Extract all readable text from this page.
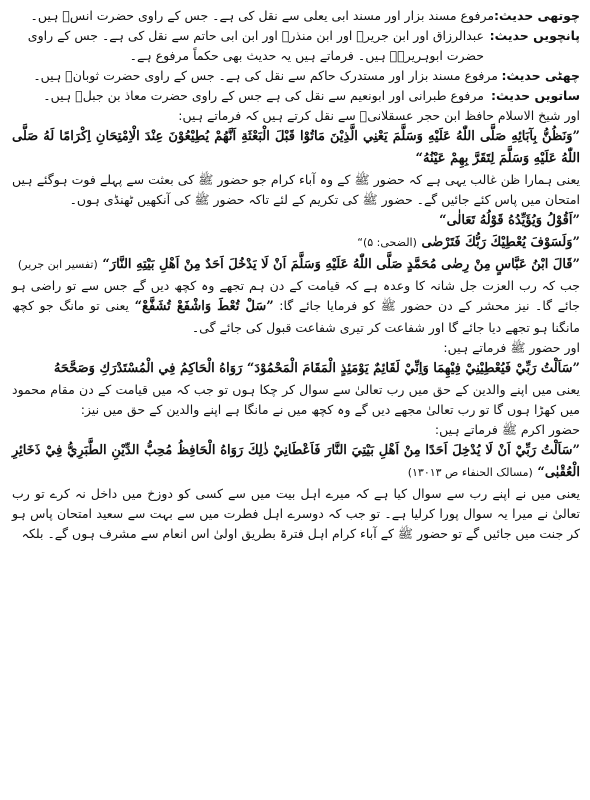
چوتھی حدیث:
مرفوع مسند بزار اور مسند ابی یعلی سے نقل کی ہے۔ جس کے راوی حضرت انسؓ ہیں۔
پانچویں حدیث:
عبدالرزاق اور ابن جریرؒ اور ابن منذرؒ اور ابن ابی حاتم سے نقل کی ہے۔ جس کے راوی حضرت ابوہریرہؓ ہیں۔ فرماتے ہیں یہ حدیث بھی حکماً مرفوع ہے۔
چھٹی حدیث:
مرفوع مسند بزار اور مستدرک حاکم سے نقل کی ہے۔ جس کے راوی حضرت ثوبانؓ ہیں۔
ساتویں حدیث:
مرفوع طبرانی اور ابونعیم سے نقل کی ہے جس کے راوی حضرت معاذ بن جبلؓ ہیں۔
اور شیخ الاسلام حافظ ابن حجر عسقلانیؒ سے نقل کرتے ہیں کہ فرماتے ہیں:
”وَنَظُنُّ بِآبَائِهِ صَلَّى اللّٰهُ عَلَيْهِ وَسَلَّمَ يَعْنِي الَّذِيْنَ مَاتُوْا قَبْلَ الْبَعْثَةِ اَنَّهُمْ يُطِيْعُوْنَ عِنْدَ الْاِمْتِحَانِ اِكْرَامًا لَهُ صَلَّى اللّٰهُ عَلَيْهِ وَسَلَّمَ لِتَقَرَّ بِهِمْ عَيْنُهُ“
یعنی ہمارا ظن غالب یہی ہے کہ حضور ﷺ کے وہ آباء کرام جو حضور ﷺ کی بعثت سے پہلے فوت ہوگئے ہیں امتحان میں پاس کئے جائیں گے۔ حضور ﷺ کی تکریم کے لئے تاکہ حضور ﷺ کی آنکھیں ٹھنڈی ہوں۔
”اَقُوْلُ وَيُؤَيِّدُهُ قَوْلُهُ تَعَالٰى“
”وَلَسَوْفَ يُعْطِيْكَ رَبُّكَ فَتَرْضٰى (الضحی: ۵)“
”قَالَ ابْنُ عَبَّاسٍ مِنْ رِضٰى مُحَمَّدٍ صَلَّى اللّٰهُ عَلَيْهِ وَسَلَّمَ اَنْ لَا يَدْخُلَ اَحَدٌ مِنْ اَهْلِ بَيْتِهِ النَّارَ“ (تفسیر ابن جریر)
جب کہ رب العزت جل شانہ کا وعدہ ہے کہ قیامت کے دن ہم تجھے وہ کچھ دیں گے جس سے تو راضی ہو جائے گا۔ نیز محشر کے دن حضور ﷺ کو فرمایا جائے گا: ”سَلْ تُعْطَ وَاشْفَعْ تُشَفَّعْ“ یعنی تو مانگ جو کچھ مانگنا ہو تجھے دیا جائے گا اور شفاعت کر تیری شفاعت قبول کی جائے گی۔
اور حضور ﷺ فرماتے ہیں:
”سَاَلْتُ رَبِّيْ فَيُعْطِيْنِيْ فِيْهِمَا وَاِنِّيْ لَقَائِمٌ يَوْمَئِذٍ الْمَقَامَ الْمَحْمُوْدَ“ رَوَاهُ الْحَاكِمُ فِي الْمُسْتَدْرَكِ وَصَحَّحَهُ
یعنی میں اپنے والدین کے حق میں رب تعالیٰ سے سوال کر چکا ہوں تو جب کہ میں قیامت کے دن مقام محمود میں کھڑا ہوں گا تو رب تعالیٰ مجھے دیں گے وہ کچھ میں نے مانگا ہے اپنے والدین کے حق میں نیز:
حضور اکرم ﷺ فرماتے ہیں:
”سَاَلْتُ رَبِّيْ اَنْ لَا يُدْخِلَ اَحَدًا مِنْ اَهْلِ بَيْتِيَ النَّارَ فَاَعْطَانِيْ ذٰلِكَ رَوَاهُ الْحَافِظُ مُحِبُّ الدِّيْنِ الطَّبَرِيُّ فِيْ ذَخَائِرِ الْعُقْبٰى“ (مسالک الحنفاء ص ۱۳٠۱۳)
یعنی میں نے اپنے رب سے سوال کیا ہے کہ میرے اہل بیت میں سے کسی کو دوزخ میں داخل نہ کرے تو رب تعالیٰ نے میرا یہ سوال پورا کرلیا ہے۔ تو جب کہ دوسرے اہل فطرت میں سے بہت سے سعید امتحان پاس ہو کر جنت میں جائیں گے تو حضور ﷺ کے آباء کرام اہل فترۃ بطریق اولیٰ اس انعام سے مشرف ہوں گے۔ بلکہ
